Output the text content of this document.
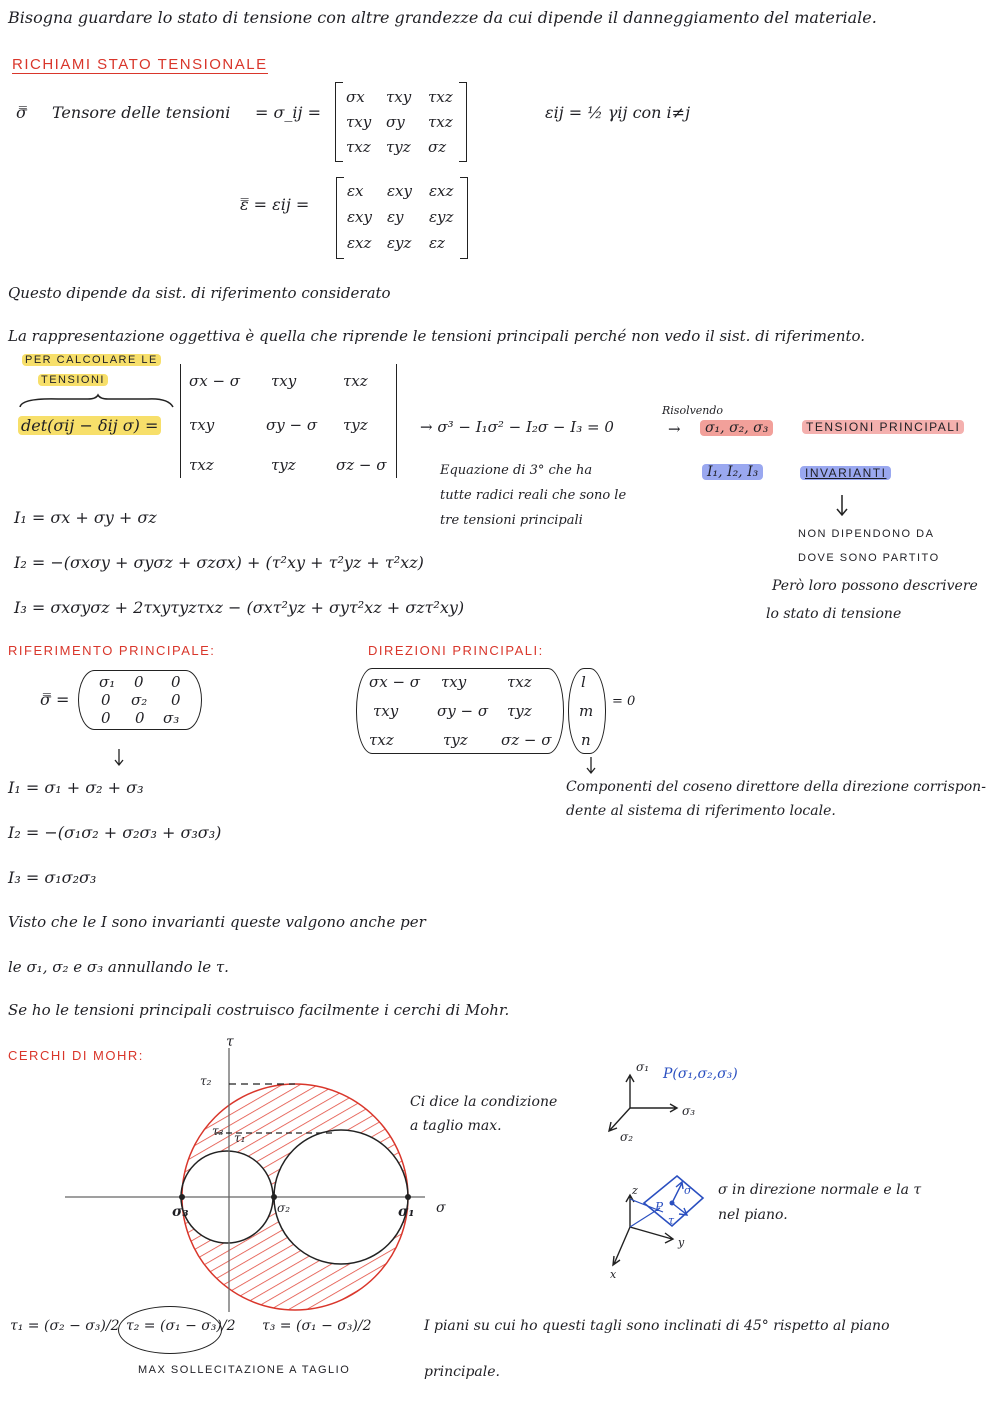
Bisogna guardare lo stato di tensione con altre grandezze da cui dipende il danneggiamento del materiale.
RICHIAMI STATO TENSIONALE
σ̿ Tensore delle tensioni = σ_ij =
σx τxy τxz
τxy σy τxz
τxz τyz σz
εij = ½ γij con i≠j
ε̿ = εij =
εx εxy εxz
εxy εy εyz
εxz εyz εz
Questo dipende da sist. di riferimento considerato
La rappresentazione oggettiva è quella che riprende le tensioni principali perché non vedo il sist. di riferimento.
PER CALCOLARE LE
TENSIONI
det(σij − δij σ) =
σx − σ τxy	τxz
τxy	σy − σ τyz
τxz	τyz	σz − σ
→ σ³ − I₁σ² − I₂σ − I₃ = 0
Risolvendo
→	σ₁, σ₂, σ₃	TENSIONI PRINCIPALI
I₁, I₂, I₃	INVARIANTI
Equazione di 3° che ha
tutte radici reali che sono le
tre tensioni principali
NON DIPENDONO DA
DOVE SONO PARTITO
Però loro possono descrivere
lo stato di tensione
I₁ = σx + σy + σz
I₂ = −(σxσy + σyσz + σzσx) + (τ²xy + τ²yz + τ²xz)
I₃ = σxσyσz + 2τxyτyzτxz − (σxτ²yz + σyτ²xz + σzτ²xy)
RIFERIMENTO PRINCIPALE:
σ̿ =
σ₁ 0 0
0 σ₂ 0
0 0 σ₃
DIREZIONI PRINCIPALI:
σx − σ τxy	τxz
τxy	σy − σ τyz
τxz	τyz σz − σ
l
m
n
= 0
Componenti del coseno direttore della direzione corrispon-
dente al sistema di riferimento locale.
I₁ = σ₁ + σ₂ + σ₃
I₂ = −(σ₁σ₂ + σ₂σ₃ + σ₃σ₃)
I₃ = σ₁σ₂σ₃
Visto che le I sono invarianti queste valgono anche per
le σ₁, σ₂ e σ₃ annullando le τ.
Se ho le tensioni principali costruisco facilmente i cerchi di Mohr.
CERCHI DI MOHR:
τ
σ
τ₂
τ₃ τ₁
σ₃	σ₂	σ₁
Ci dice la condizione
a taglio max.
σ₁
σ₃
σ₂
P(σ₁,σ₂,σ₃)
z
y
x
P
σ
τ
σ in direzione normale e la τ
nel piano.
τ₁ = (σ₂ − σ₃)/2 τ₂ = (σ₁ − σ₃)/2 τ₃ = (σ₁ − σ₃)/2
MAX SOLLECITAZIONE A TAGLIO
I piani su cui ho questi tagli sono inclinati di 45° rispetto al piano
principale.
